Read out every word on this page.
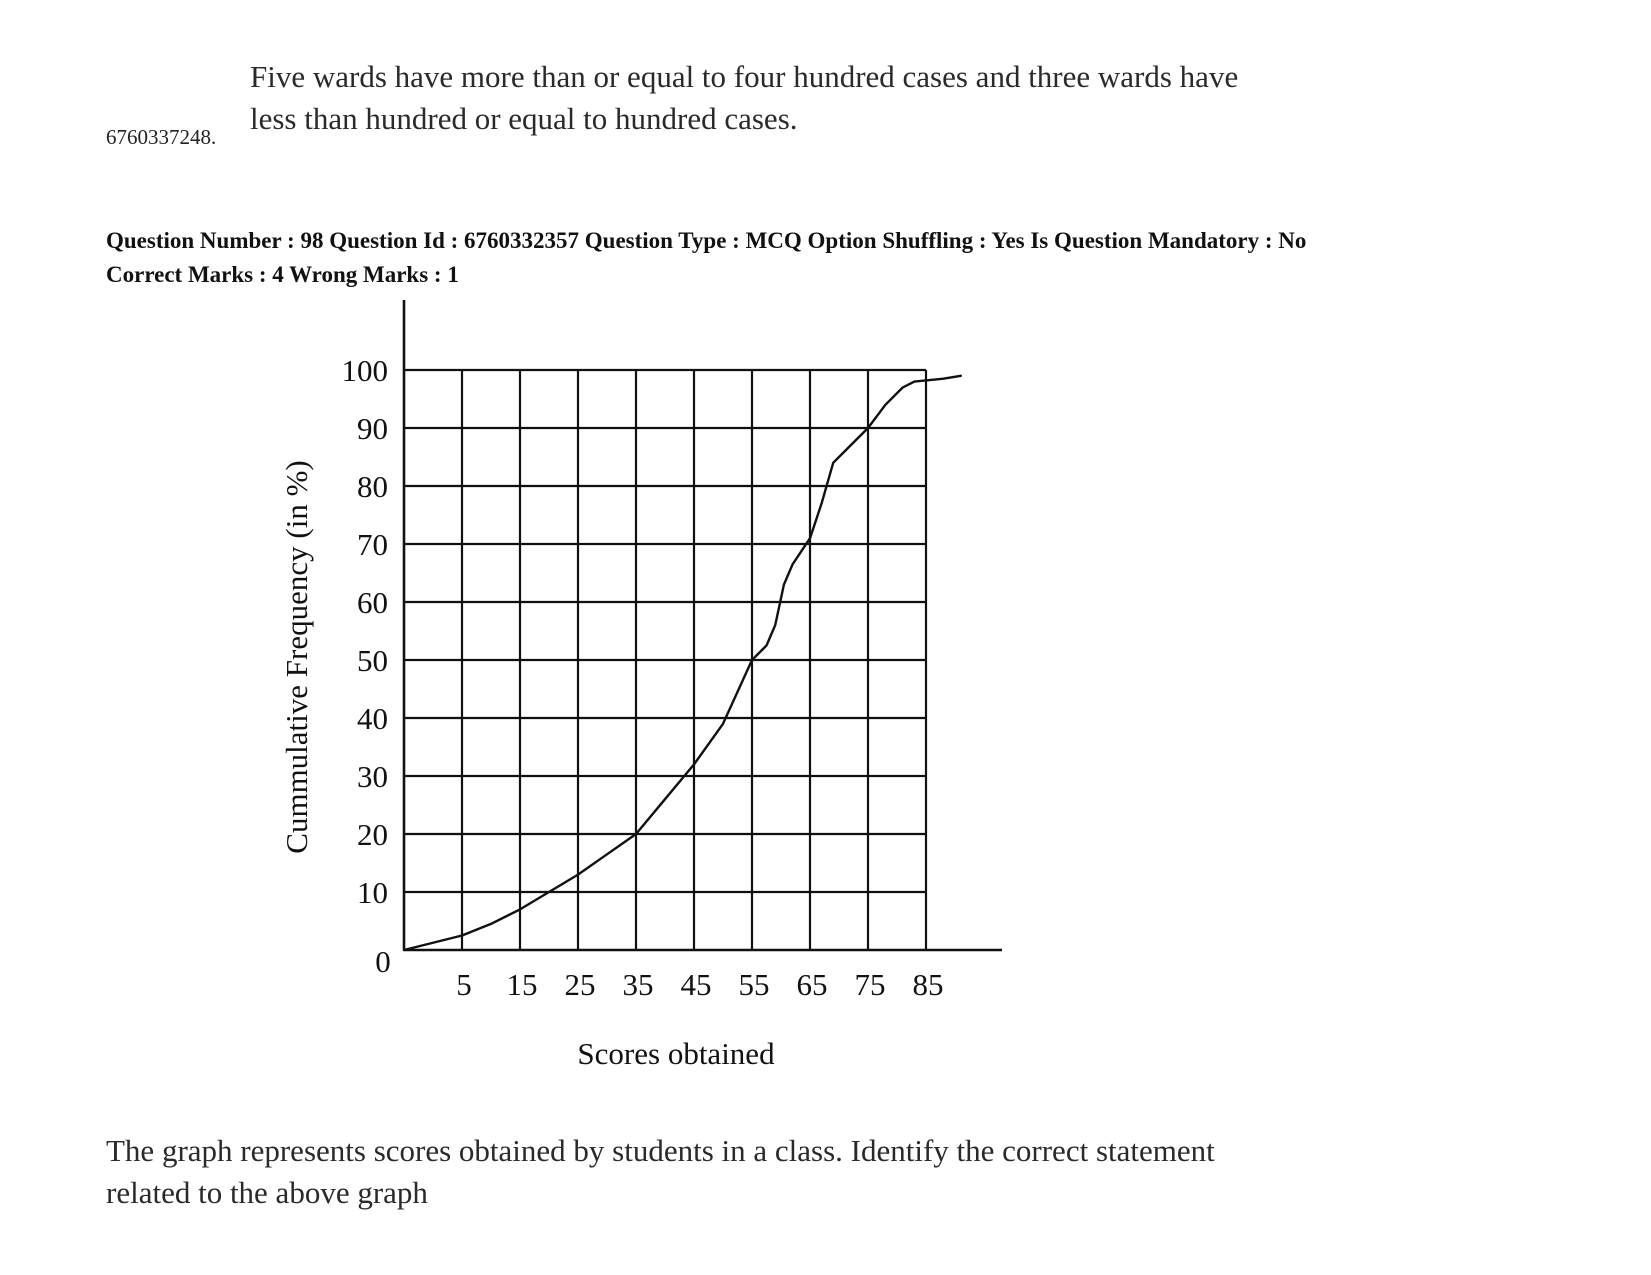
6760337248.
Five wards have more than or equal to four hundred cases and three wards have less than hundred or equal to hundred cases.
Question Number : 98 Question Id : 6760332357 Question Type : MCQ Option Shuffling : Yes Is Question Mandatory : No
Correct Marks : 4 Wrong Marks : 1
5 15 25 35 45 55 65 75 85
10
20
30
40
50
60
70
80
90
100
0
Scores obtained
Cummulative Frequency (in %)
The graph represents scores obtained by students in a class. Identify the correct statement related to the above graph
